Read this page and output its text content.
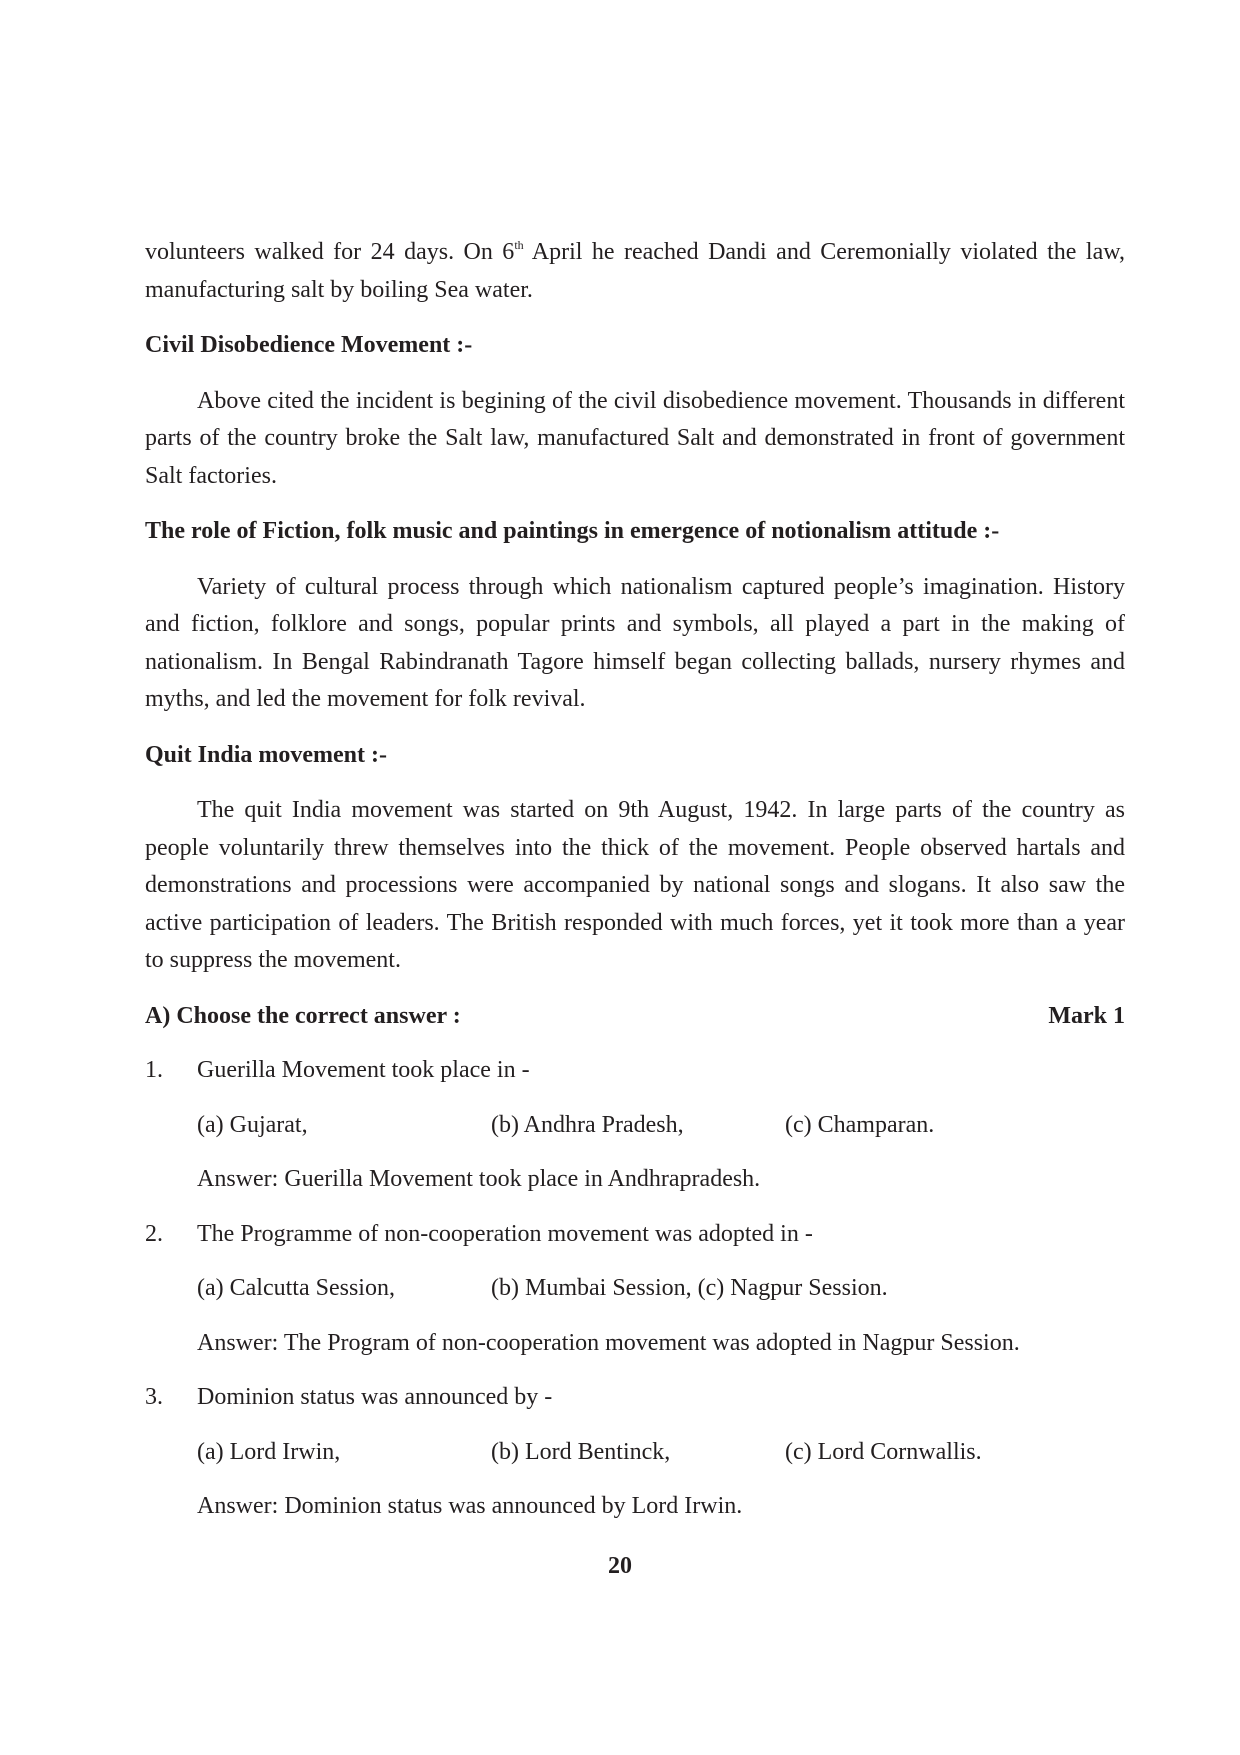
volunteers walked for 24 days. On 6th April he reached Dandi and Ceremonially violated the law, manufacturing salt by boiling Sea water.

Civil Disobedience Movement :-

Above cited the incident is begining of the civil disobedience movement. Thousands in different parts of the country broke the Salt law, manufactured Salt and demonstrated in front of government Salt factories.

The role of Fiction, folk music and paintings in emergence of notionalism attitude :-

Variety of cultural process through which nationalism captured people’s imagination. History and fiction, folklore and songs, popular prints and symbols, all played a part in the making of nationalism. In Bengal Rabindranath Tagore himself began collecting ballads, nursery rhymes and myths, and led the movement for folk revival.

Quit India movement :-

The quit India movement was started on 9th August, 1942. In large parts of the country as people voluntarily threw themselves into the thick of the movement. People observed hartals and demonstrations and processions were accompanied by national songs and slogans. It also saw the active participation of leaders. The British responded with much forces, yet it took more than a year to suppress the movement.

A) Choose the correct answer :	Mark 1
1.	Guerilla Movement took place in -
(a) Gujarat,	(b) Andhra Pradesh,	(c) Champaran.
Answer: Guerilla Movement took place in Andhrapradesh.
2.	The Programme of non-cooperation movement was adopted in -
(a) Calcutta Session,	(b) Mumbai Session, (c) Nagpur Session.
Answer: The Program of non-cooperation movement was adopted in Nagpur Session.
3.	Dominion status was announced by -
(a) Lord Irwin,	(b) Lord Bentinck,	(c) Lord Cornwallis.
Answer: Dominion status was announced by Lord Irwin.
20
